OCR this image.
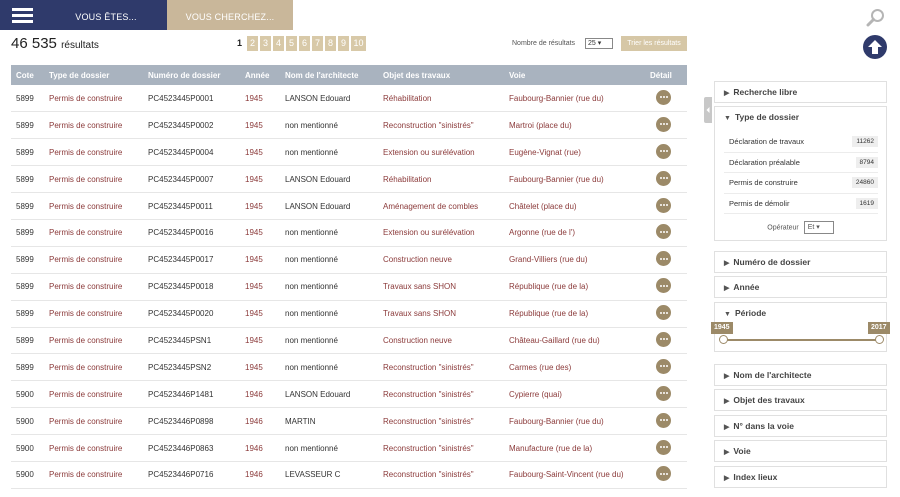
VOUS ÊTES...	VOUS CHERCHEZ...
46 535 résultats	1 2 3 4 5 6 7 8 9 10	Nombre de résultats	25 ▾	Trier les résultats
Cote	Type de dossier	Numéro de dossier	Année	Nom de l'architecte	Objet des travaux	Voie	Détail
5899	Permis de construire	PC4523445P0001	1945	LANSON Edouard	Réhabilitation	Faubourg-Bannier (rue du)	

5899	Permis de construire	PC4523445P0002	1945	non mentionné	Reconstruction "sinistrés"	Martroi (place du)	

5899	Permis de construire	PC4523445P0004	1945	non mentionné	Extension ou surélévation	Eugène-Vignat (rue)	

5899	Permis de construire	PC4523445P0007	1945	LANSON Edouard	Réhabilitation	Faubourg-Bannier (rue du)	

5899	Permis de construire	PC4523445P0011	1945	LANSON Edouard	Aménagement de combles	Châtelet (place du)	

5899	Permis de construire	PC4523445P0016	1945	non mentionné	Extension ou surélévation	Argonne (rue de l')	

5899	Permis de construire	PC4523445P0017	1945	non mentionné	Construction neuve	Grand-Villiers (rue du)	

5899	Permis de construire	PC4523445P0018	1945	non mentionné	Travaux sans SHON	République (rue de la)	

5899	Permis de construire	PC4523445P0020	1945	non mentionné	Travaux sans SHON	République (rue de la)	

5899	Permis de construire	PC4523445PSN1	1945	non mentionné	Construction neuve	Château-Gaillard (rue du)	

5899	Permis de construire	PC4523445PSN2	1945	non mentionné	Reconstruction "sinistrés"	Carmes (rue des)	

5900	Permis de construire	PC4523446P1481	1946	LANSON Edouard	Reconstruction "sinistrés"	Cypierre (quai)	

5900	Permis de construire	PC4523446P0898	1946	MARTIN	Reconstruction "sinistrés"	Faubourg-Bannier (rue du)	

5900	Permis de construire	PC4523446P0863	1946	non mentionné	Reconstruction "sinistrés"	Manufacture (rue de la)	

5900	Permis de construire	PC4523446P0716	1946	LEVASSEUR C	Reconstruction "sinistrés"	Faubourg-Saint-Vincent (rue du)	
▶ Recherche libre
▼ Type de dossier
Déclaration de travaux	11262
Déclaration préalable	8794
Permis de construire	24860
Permis de démolir	1619
Opérateur Et ▾
▶ Numéro de dossier
▶ Année
▼ Période
1945	2017
▶ Nom de l'architecte
▶ Objet des travaux
▶ N° dans la voie
▶ Voie
▶ Index lieux
